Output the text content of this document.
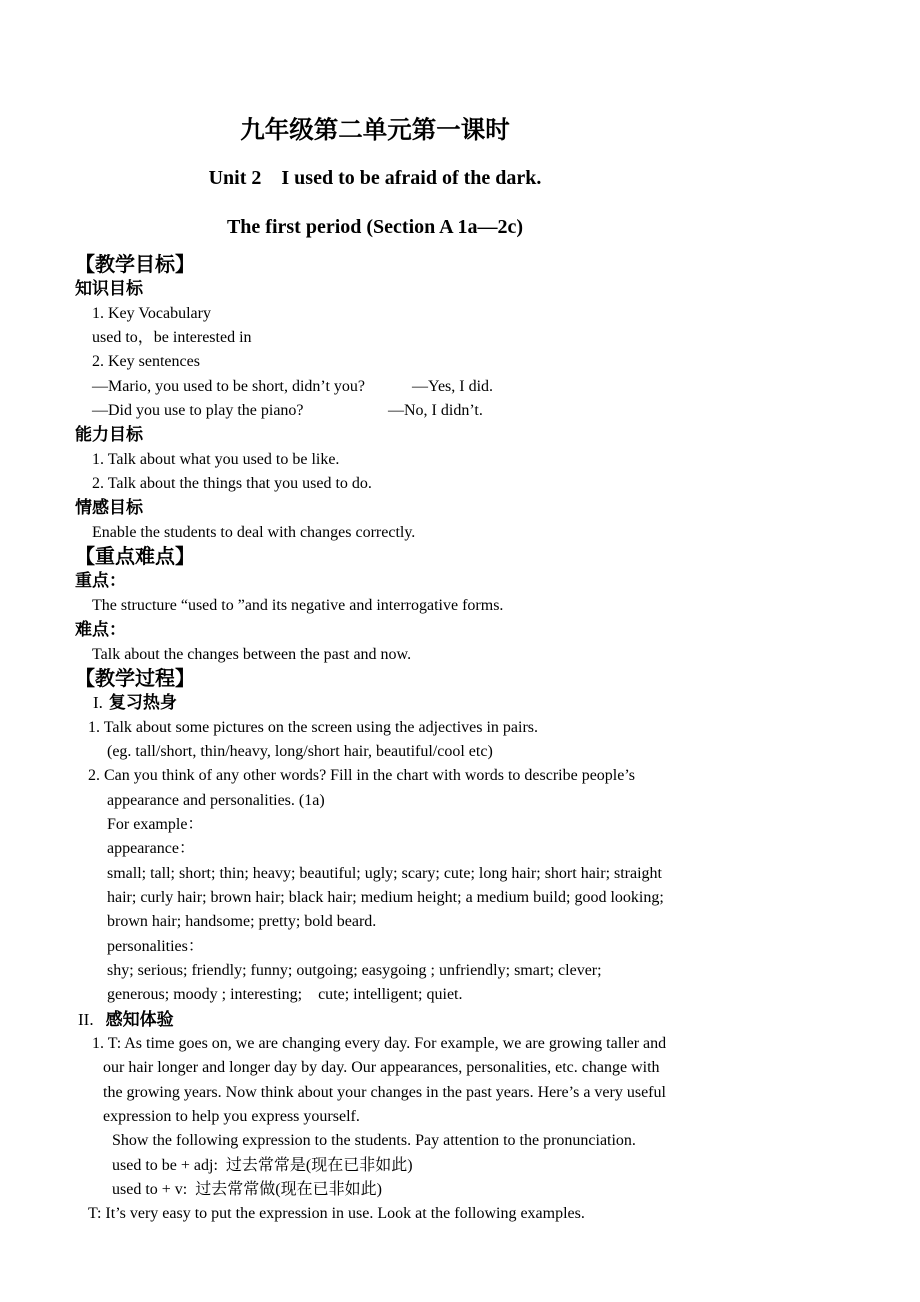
九年级第二单元第一课时
Unit 2    I used to be afraid of the dark.
The first period (Section A 1a—2c)
【教学目标】
知识目标
1. Key Vocabulary
used to，be interested in
2. Key sentences
—Mario, you used to be short, didn’t you?	—Yes, I did.
—Did you use to play the piano?	—No, I didn’t.
能力目标
1. Talk about what you used to be like.
2. Talk about the things that you used to do.
情感目标
Enable the students to deal with changes correctly.
【重点难点】
重点：
The structure “used to ”and its negative and interrogative forms.
难点：
Talk about the changes between the past and now.
【教学过程】
I. 复习热身
1. Talk about some pictures on the screen using the adjectives in pairs.
(eg. tall/short, thin/heavy, long/short hair, beautiful/cool etc)
2. Can you think of any other words? Fill in the chart with words to describe people’s
appearance and personalities. (1a)
For example：
appearance：
small; tall; short; thin; heavy; beautiful; ugly; scary; cute; long hair; short hair; straight
hair; curly hair; brown hair; black hair; medium height; a medium build; good looking;
brown hair; handsome; pretty; bold beard.
personalities：
shy; serious; friendly; funny; outgoing; easygoing ; unfriendly; smart; clever;
generous; moody ; interesting;    cute; intelligent; quiet.
II. 感知体验
1. T: As time goes on, we are changing every day. For example, we are growing taller and
our hair longer and longer day by day. Our appearances, personalities, etc. change with
the growing years. Now think about your changes in the past years. Here’s a very useful
expression to help you express yourself.
Show the following expression to the students. Pay attention to the pronunciation.
used to be + adj:  过去常常是(现在已非如此)
used to + v:  过去常常做(现在已非如此)
T: It’s very easy to put the expression in use. Look at the following examples.
